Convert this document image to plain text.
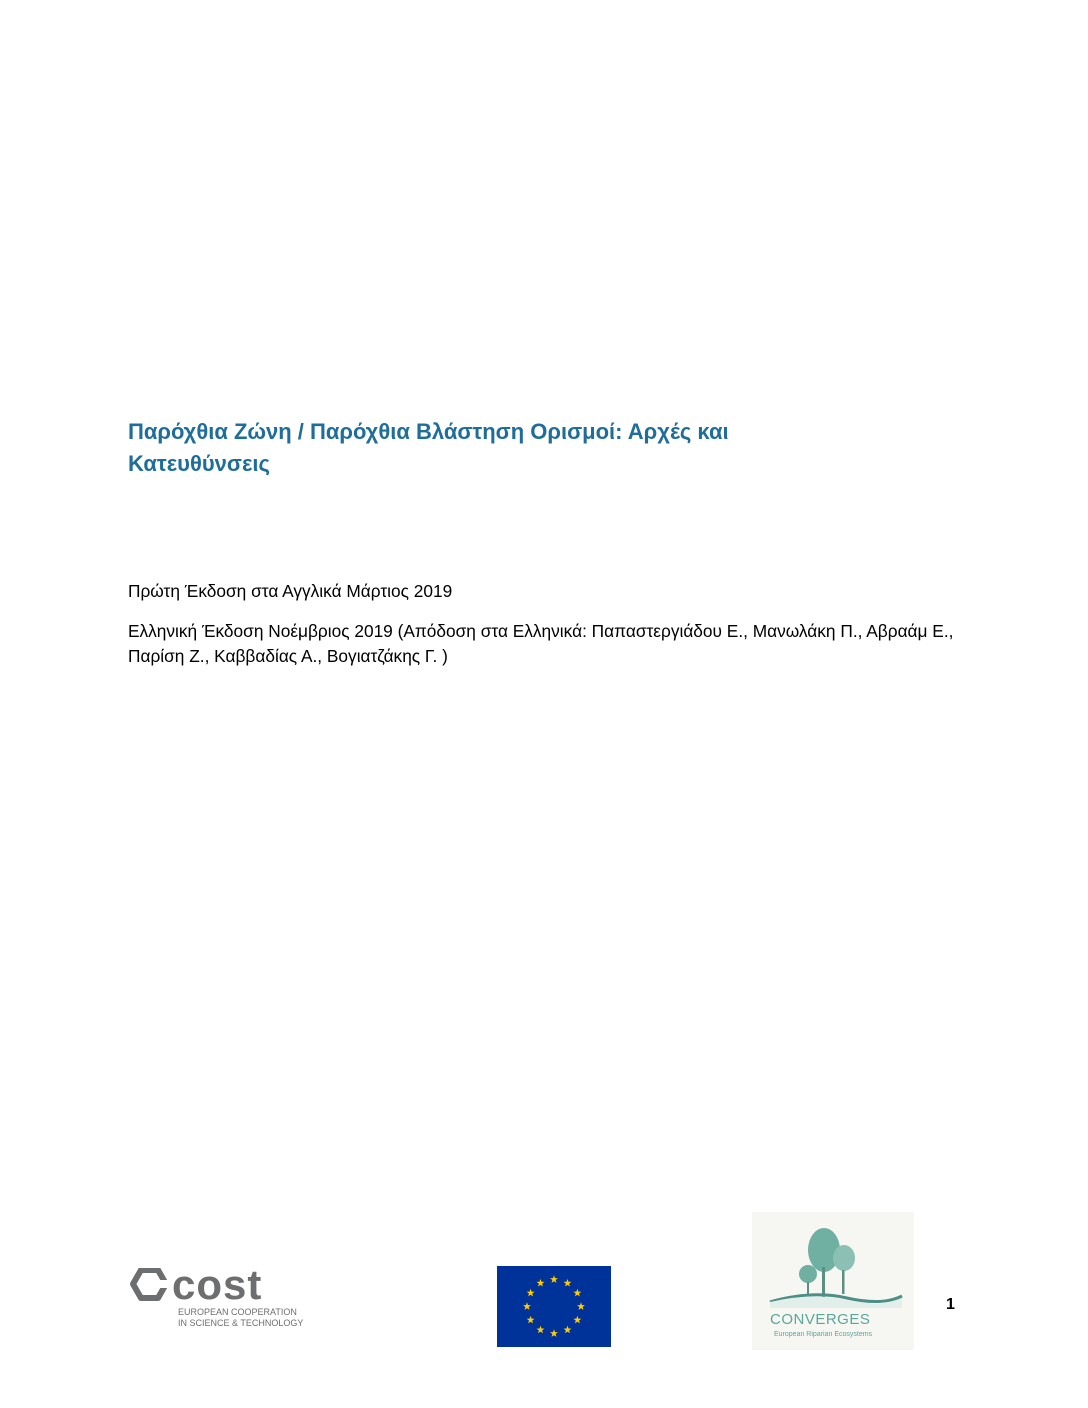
Παρόχθια Ζώνη / Παρόχθια Βλάστηση Ορισμοί: Αρχές και Κατευθύνσεις

Πρώτη Έκδοση στα Αγγλικά Μάρτιος 2019

Ελληνική Έκδοση Νοέμβριος 2019 (Απόδοση στα Ελληνικά: Παπαστεργιάδου Ε., Μανωλάκη Π., Αβραάμ Ε., Παρίση Ζ., Καββαδίας Α., Βογιατζάκης Γ. )

cost
EUROPEAN COOPERATION
IN SCIENCE & TECHNOLOGY	CONVERGES
European Riparian Ecosystems
1
